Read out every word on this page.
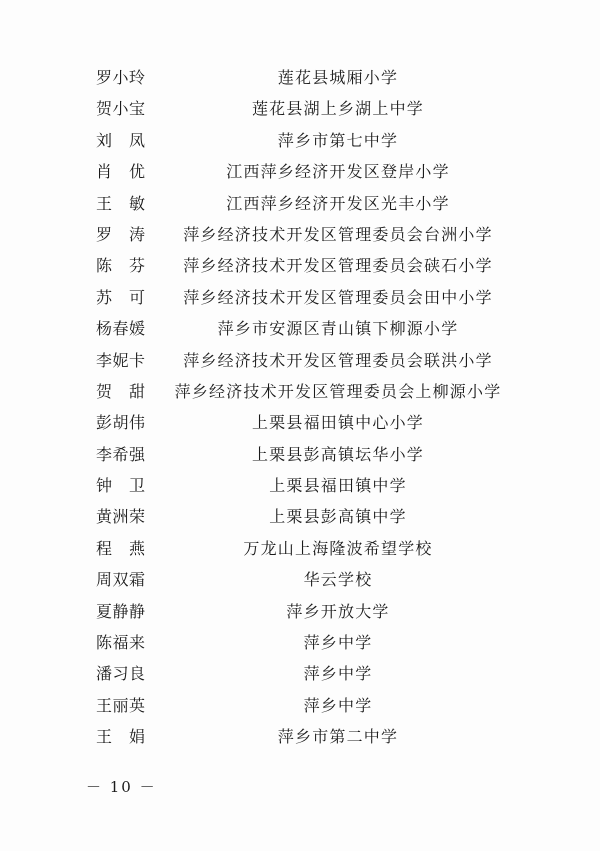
罗小玲	莲花县城厢小学
贺小宝	莲花县湖上乡湖上中学
刘　凤	萍乡市第七中学
肖　优	江西萍乡经济开发区登岸小学
王　敏	江西萍乡经济开发区光丰小学
罗　涛	萍乡经济技术开发区管理委员会台洲小学
陈　芬	萍乡经济技术开发区管理委员会硖石小学
苏　可	萍乡经济技术开发区管理委员会田中小学
杨春媛	萍乡市安源区青山镇下柳源小学
李妮卡	萍乡经济技术开发区管理委员会联洪小学
贺　甜	萍乡经济技术开发区管理委员会上柳源小学
彭胡伟	上栗县福田镇中心小学
李希强	上栗县彭高镇坛华小学
钟　卫	上栗县福田镇中学
黄洲荣	上栗县彭高镇中学
程　燕	万龙山上海隆波希望学校
周双霜	华云学校
夏静静	萍乡开放大学
陈福来	萍乡中学
潘习良	萍乡中学
王丽英	萍乡中学
王　娟	萍乡市第二中学
－ 10 －
